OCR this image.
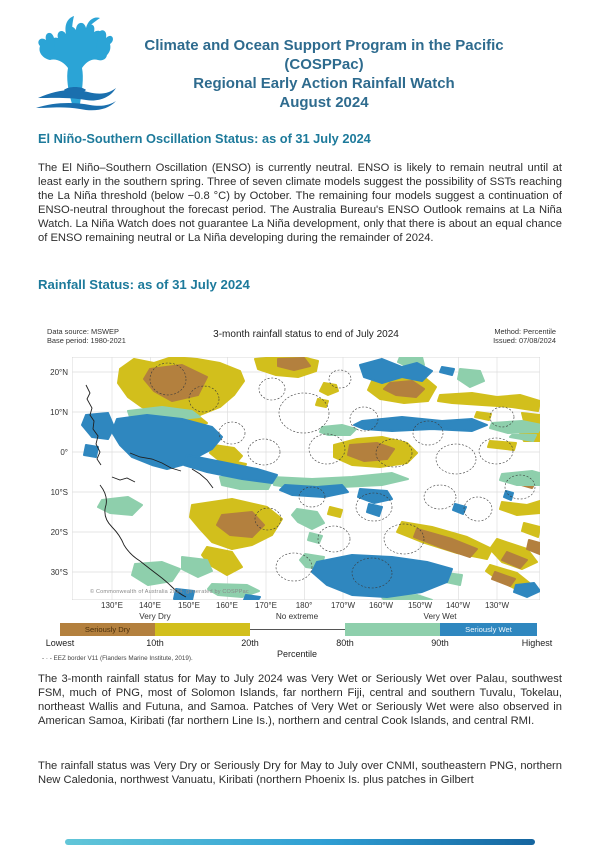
Climate and Ocean Support Program in the Pacific
(COSPPac)
Regional Early Action Rainfall Watch
August 2024
El Niño-Southern Oscillation Status: as of 31 July 2024
The El Niño–Southern Oscillation (ENSO) is currently neutral. ENSO is likely to remain neutral until at least early in the southern spring. Three of seven climate models suggest the possibility of SSTs reaching the La Niña threshold (below −0.8 °C) by October. The remaining four models suggest a continuation of ENSO-neutral throughout the forecast period. The Australia Bureau's ENSO Outlook remains at La Niña Watch. La Niña Watch does not guarantee La Niña development, only that there is about an equal chance of ENSO remaining neutral or La Niña developing during the remainder of 2024.
Rainfall Status: as of 31 July 2024
Data source: MSWEP
Base period: 1980-2021
3-month rainfall status to end of July 2024	Method: Percentile
Issued: 07/08/2024
20°N
10°N
0°
10°S
20°S
30°S
© Commonwealth of Australia 2024, generated by COSPPac
130°E	140°E	150°E	160°E	170°E	180°	170°W	160°W	150°W	140°W	130°W
Very Dry	No extreme	Very Wet
Seriously Dry	Seriously Wet
Lowest	10th	20th	80th	90th	Highest
Percentile
- · - EEZ border V11 (Flanders Marine Institute, 2019).
The 3-month rainfall status for May to July 2024 was Very Wet or Seriously Wet over Palau, southwest FSM, much of PNG, most of Solomon Islands, far northern Fiji, central and southern Tuvalu, Tokelau, northeast Wallis and Futuna, and Samoa. Patches of Very Wet or Seriously Wet were also observed in American Samoa, Kiribati (far northern Line Is.), northern and central Cook Islands, and central RMI.
The rainfall status was Very Dry or Seriously Dry for May to July over CNMI, southeastern PNG, northern New Caledonia, northwest Vanuatu, Kiribati (northern Phoenix Is. plus patches in Gilbert
